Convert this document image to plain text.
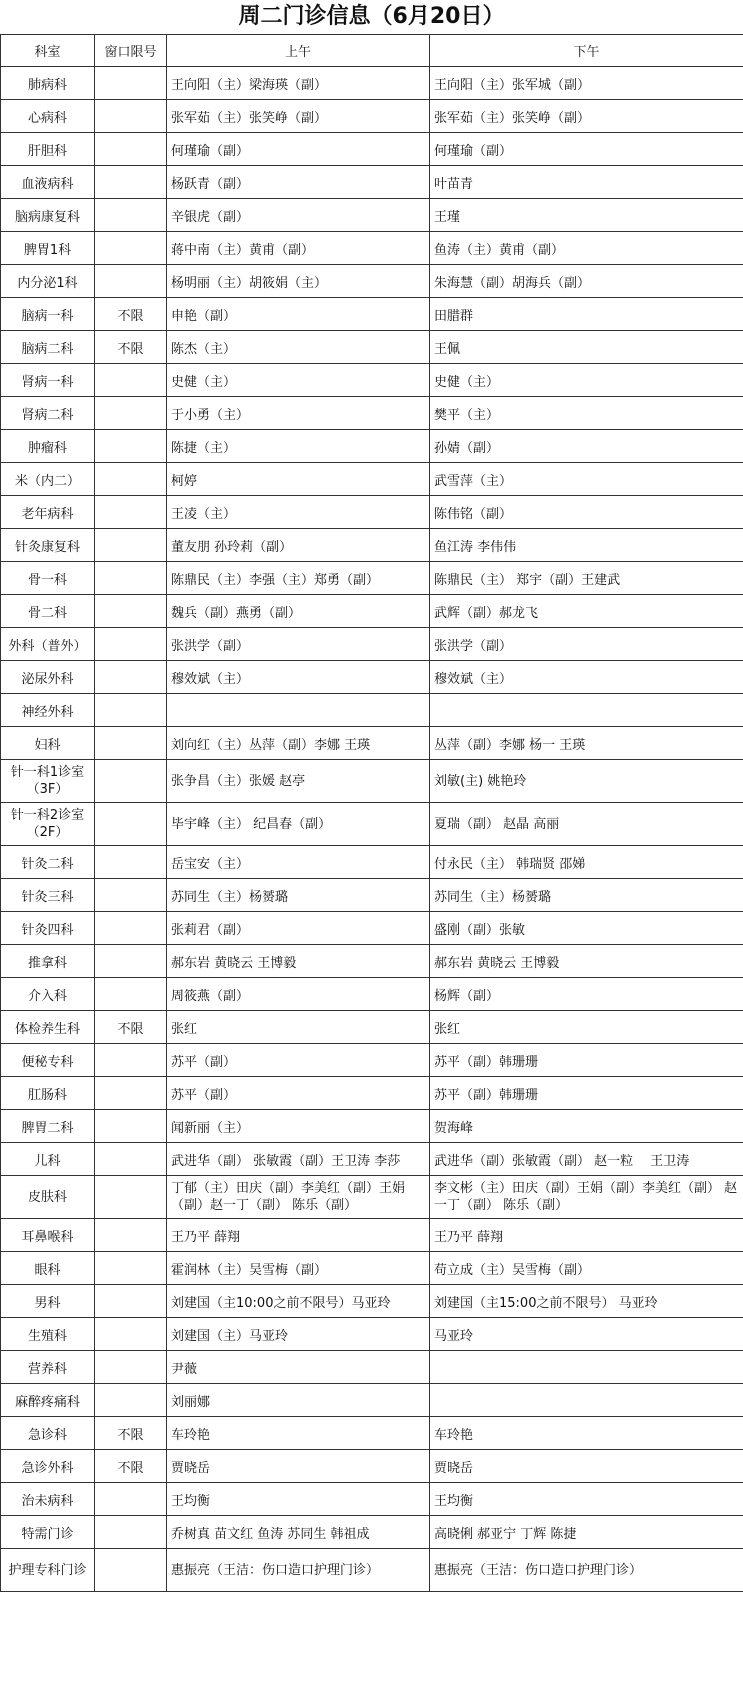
周二门诊信息（6月20日）
科室	窗口限号	上午	下午
肺病科		王向阳（主）梁海瑛（副）	王向阳（主）张军城（副）
心病科		张军茹（主）张笑峥（副）	张军茹（主）张笑峥（副）
肝胆科		何瑾瑜（副）	何瑾瑜（副）
血液病科		杨跃青（副）	叶苗青
脑病康复科		辛银虎（副）	王瑾
脾胃1科		蒋中南（主）黄甫（副）	鱼涛（主）黄甫（副）
内分泌1科		杨明丽（主）胡筱娟（主）	朱海慧（副）胡海兵（副）
脑病一科	不限	申艳（副）	田腊群
脑病二科	不限	陈杰（主）	王佩
肾病一科		史健（主）	史健（主）
肾病二科		于小勇（主）	樊平（主）
肿瘤科		陈捷（主）	孙婧（副）
米（内二）		柯婷	武雪萍（主）
老年病科		王凌（主）	陈伟铭（副）
针灸康复科		董友朋 孙玲莉（副）	鱼江涛 李伟伟
骨一科		陈鼎民（主）李强（主）郑勇（副）	陈鼎民（主） 郑宇（副）王建武
骨二科		魏兵（副）燕勇（副）	武辉（副）郝龙飞
外科（普外）		张洪学（副）	张洪学（副）
泌尿外科		穆效斌（主）	穆效斌（主）
神经外科			
妇科		刘向红（主）丛萍（副）李娜 王瑛	丛萍（副）李娜 杨一 王瑛
针一科1诊室（3F）		张争昌（主）张媛 赵亭	刘敏(主) 姚艳玲
针一科2诊室（2F）		毕宇峰（主） 纪昌春（副）	夏瑞（副） 赵晶 高丽
针灸二科		岳宝安（主）	付永民（主） 韩瑞贤 邵娣
针灸三科		苏同生（主）杨赟璐	苏同生（主）杨赟璐
针灸四科		张莉君（副）	盛刚（副）张敏
推拿科		郝东岩 黄晓云 王博毅	郝东岩 黄晓云 王博毅
介入科		周筱燕（副）	杨辉（副）
体检养生科	不限	张红	张红
便秘专科		苏平（副）	苏平（副）韩珊珊
肛肠科		苏平（副）	苏平（副）韩珊珊
脾胃二科		闻新丽（主）	贺海峰
儿科		武进华（副） 张敏霞（副）王卫涛 李莎	武进华（副）张敏霞（副） 赵一粒 　王卫涛
皮肤科		丁郁（主）田庆（副）李美红（副）王娟（副）赵一丁（副） 陈乐（副）	李文彬（主）田庆（副）王娟（副）李美红（副） 赵一丁（副） 陈乐（副）
耳鼻喉科		王乃平 薛翔	王乃平 薛翔
眼科		霍润林（主）吴雪梅（副）	苟立成（主）吴雪梅（副）
男科		刘建国（主10:00之前不限号）马亚玲	刘建国（主15:00之前不限号） 马亚玲
生殖科		刘建国（主）马亚玲	马亚玲
营养科		尹薇	
麻醉疼痛科		刘丽娜	
急诊科	不限	车玲艳	车玲艳
急诊外科	不限	贾晓岳	贾晓岳
治未病科		王均衡	王均衡
特需门诊		乔树真 苗文红 鱼涛 苏同生 韩祖成	高晓俐 郝亚宁 丁辉 陈捷
护理专科门诊		惠振亮（王洁：伤口造口护理门诊）	惠振亮（王洁：伤口造口护理门诊）
